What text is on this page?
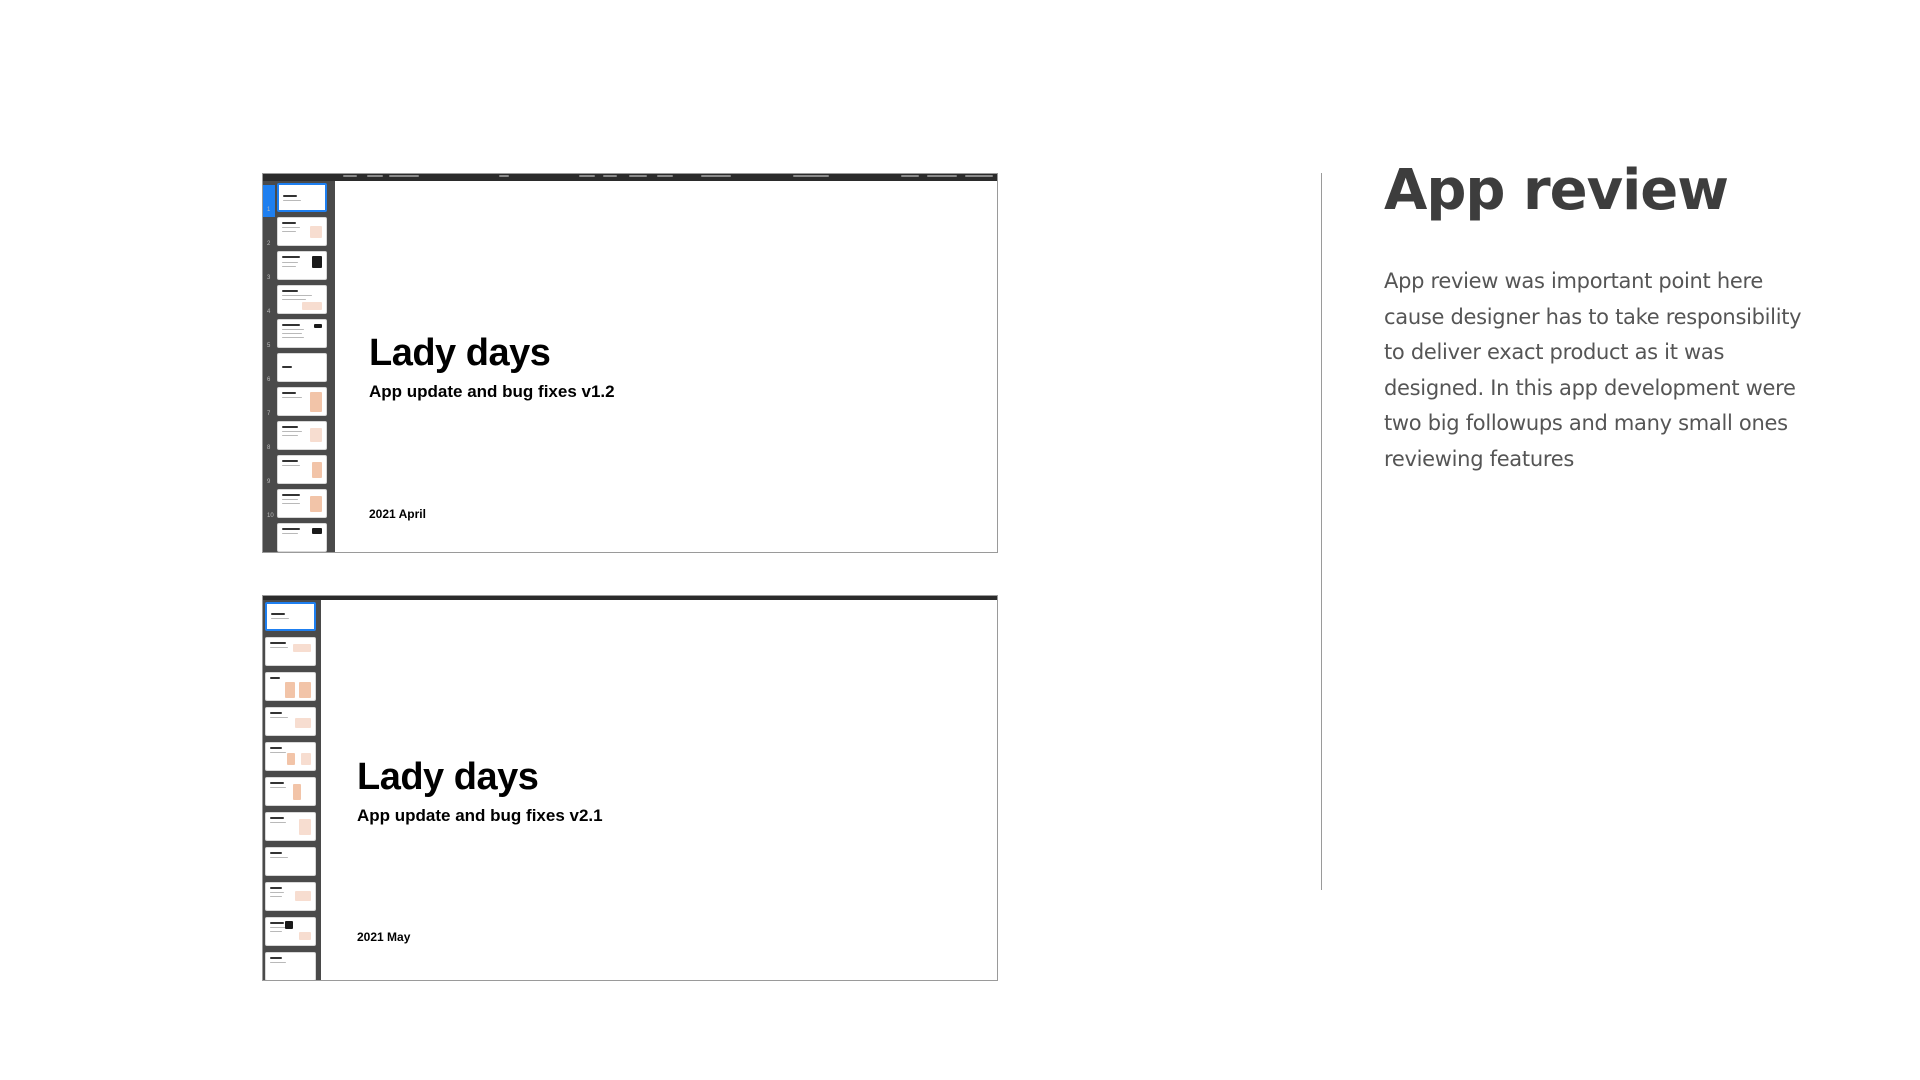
1
2
3
4
5
6
7
8
9
10
Lady days

App update and bug fixes v1.2

2021 April

Lady days

App update and bug fixes v2.1

2021 May

App review

App review was important point here cause designer has to take responsibility to deliver exact product as it was designed. In this app development were two big followups and many small ones reviewing features
